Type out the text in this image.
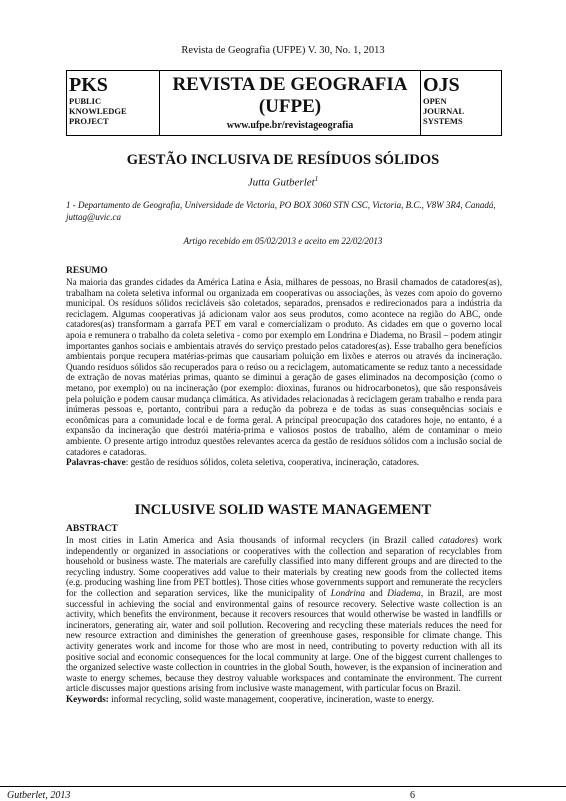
Revista de Geografia (UFPE) V. 30, No. 1, 2013
PKS
PUBLIC
KNOWLEDGE
PROJECT
REVISTA DE GEOGRAFIA
(UFPE)
www.ufpe.br/revistageografia
OJS
OPEN
JOURNAL
SYSTEMS
GESTÃO INCLUSIVA DE RESÍDUOS SÓLIDOS
Jutta Gutberlet$^1$
1 - Departamento de Geografia, Universidade de Victoria, PO BOX 3060 STN CSC, Victoria, B.C., V8W 3R4, Canadá, juttag@uvic.ca
Artigo recebido em 05/02/2013 e aceito em 22/02/2013
RESUMO
Na maioria das grandes cidades da América Latina e Ásia, milhares de pessoas, no Brasil chamados de catadores(as), trabalham na coleta seletiva informal ou organizada em cooperativas ou associações, às vezes com apoio do governo municipal. Os resíduos sólidos recicláveis são coletados, separados, prensados e redirecionados para a indústria da reciclagem. Algumas cooperativas já adicionam valor aos seus produtos, como acontece na região do ABC, onde catadores(as) transformam a garrafa PET em varal e comercializam o produto. As cidades em que o governo local apoia e remunera o trabalho da coleta seletiva - como por exemplo em Londrina e Diadema, no Brasil – podem atingir importantes ganhos sociais e ambientais através do serviço prestado pelos catadores(as). Esse trabalho gera benefícios ambientais porque recupera matérias-primas que causariam poluição em lixões e aterros ou através da incineração. Quando resíduos sólidos são recuperados para o reúso ou a reciclagem, automaticamente se reduz tanto a necessidade de extração de novas matérias primas, quanto se diminui a geração de gases eliminados na decomposição (como o metano, por exemplo) ou na incineração (por exemplo: dioxinas, furanos ou hidrocarbonetos), que são responsáveis pela poluição e podem causar mudança climática. As atividades relacionadas à reciclagem geram trabalho e renda para inúmeras pessoas e, portanto, contribui para a redução da pobreza e de todas as suas consequências sociais e econômicas para a comunidade local e de forma geral. A principal preocupação dos catadores hoje, no entanto, é a expansão da incineração que destrói matéria-prima e valiosos postos de trabalho, além de contaminar o meio ambiente. O presente artigo introduz questões relevantes acerca da gestão de resíduos sólidos com a inclusão social de catadores e catadoras.
Palavras-chave: gestão de resíduos sólidos, coleta seletiva, cooperativa, incineração, catadores.
INCLUSIVE SOLID WASTE MANAGEMENT
ABSTRACT
In most cities in Latin America and Asia thousands of informal recyclers (in Brazil called catadores) work independently or organized in associations or cooperatives with the collection and separation of recyclables from household or business waste. The materials are carefully classified into many different groups and are directed to the recycling industry. Some cooperatives add value to their materials by creating new goods from the collected items (e.g. producing washing line from PET bottles). Those cities whose governments support and remunerate the recyclers for the collection and separation services, like the municipality of Londrina and Diadema, in Brazil, are most successful in achieving the social and environmental gains of resource recovery. Selective waste collection is an activity, which benefits the environment, because it recovers resources that would otherwise be wasted in landfills or incinerators, generating air, water and soil pollution. Recovering and recycling these materials reduces the need for new resource extraction and diminishes the generation of greenhouse gases, responsible for climate change. This activity generates work and income for those who are most in need, contributing to poverty reduction with all its positive social and economic consequences for the local community at large. One of the biggest current challenges to the organized selective waste collection in countries in the global South, however, is the expansion of incineration and waste to energy schemes, because they destroy valuable workspaces and contaminate the environment. The current article discusses major questions arising from inclusive waste management, with particular focus on Brazil.
Keywords: informal recycling, solid waste management, cooperative, incineration, waste to energy.
Gutberlet, 2013	6
